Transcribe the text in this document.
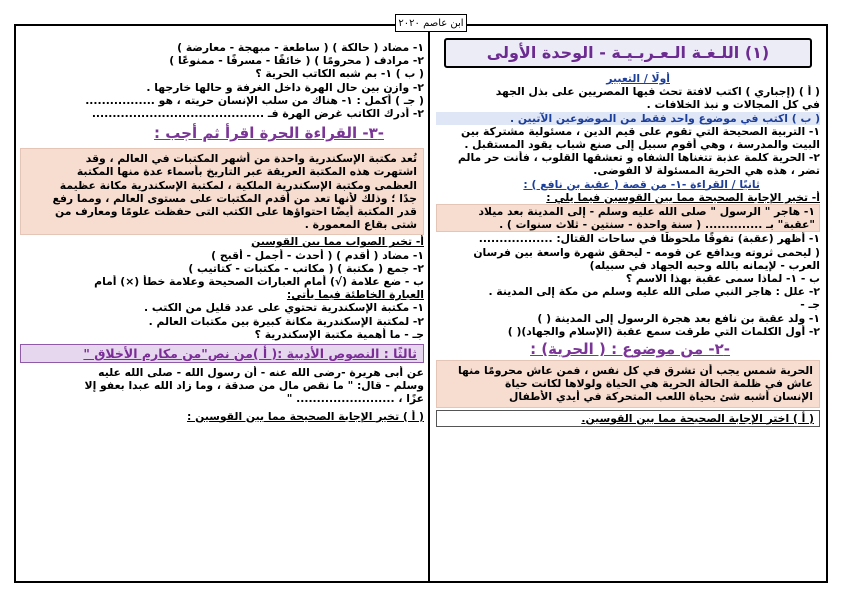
ابن عاصم ٢٠٢٠
(١) اللـغـة الـعـربـيـة - الوحدة الأولى
أولًا / التعبير
( أ ) (إجباري ) اكتب لافتة تحث فيها المصريين على بذل الجهد
في كل المجالات و نبذ الخلافات .
( ب ) اكتب في موضوع واحد فقط من الموضوعين الآتيين .
١- التربية الصحيحة التي تقوم على قيم الدين ، مسئولية مشتركة بين
البيت والمدرسة ، وهي أقوم سبيل إلى صنع شباب يقود المستقبل .
٢- الحرية كلمة عذبة تتغناها الشفاه و تعشقها القلوب ، فأنت حر مالم
تضر ، هذه هي الحرية المسئولة لا الفوضى.
ثانيًا / القراءة -١- من قصة ( عقبة بن نافع ) :
أ- تخير الإجابة الصحيحة مما بين القوسين فيما يلي :
١- هاجر " الرسول " صلى الله عليه وسلم - إلى المدينة بعد ميلاد
"عقبة" بـ .............. ( سنة واحدة - سنتين - ثلاث سنوات ) .
١- أظهر (عقبة) تفوقًا ملحوظًا في ساحات القتال: ..................
( ليحمى ثروته ويدافع عن قومه - ليحقق شهرة واسعة بين فرسان
العرب - لإيمانه بالله وحبه الجهاد في سبيله)
ب - ١- لماذا سمى عقبة بهذا الاسم ؟
٢- علل : هاجر النبي صلى الله عليه وسلم من مكة إلى المدينة .
جـ -
١- ولد عقبة بن نافع بعد هجرة الرسول إلى المدينة ( )
٢- أول الكلمات التي طرقت سمع عقبة (الإسلام والجهاد)( )
-٢- من موضوع : ( الحرية) :
الحرية شمس يجب أن تشرق في كل نفس ، فمن عاش محرومًا منها
عاش في ظلمة الحالة الحرية هي الحياة ولولاها لكانت حياة
الإنسان أشبه شئ بحياة اللعب المتحركة في أيدي الأطفال
( أ ) اختر الإجابة الصحيحة مما بين القوسين.
١- مضاد ( حالكة ) ( ساطعة - مبهجة - معارضة )
٢- مرادف ( محرومًا ) ( خائفًا - مسرفًا - ممنوعًا )
( ب ) ١- بم شبه الكاتب الحرية ؟
٢- وازن بين حال الهرة داخل الغرفة و حالها خارجها .
( جـ ) أكمل : ١- هناك من سلب الإنسان حريته ، هو .................
٢- أدرك الكاتب غرض الهرة فـ ..........................................
-٣- القراءة الحرة اقرأ ثم أجب :
تُعد مكتبة الإسكندرية واحدة من أشهر المكتبات في العالم ، وقد
اشتهرت هذه المكتبة العريقة عبر التاريخ بأسماء عدة منها المكتبة
العظمى ومكتبة الإسكندرية الملكية ، لمكتبة الإسكندرية مكانة عظيمة
جدًا ؛ وذلك لأنها تعد من أقدم المكتبات على مستوى العالم ، ومما رفع
قدر المكتبة أيضًا احتواؤها على الكتب التى حفظت علومًا ومعارف من
شتى بقاع المعمورة .
أ- تخير الصواب مما بين القوسين
١- مضاد ( أقدم ) ( أحدث - أجمل - أقبح )
٢- جمع ( مكتبة ) ( مكاتب - مكتبات - كتاتيب )
ب - ضع علامة (√) أمام العبارات الصحيحة وعلامة خطأ (×) أمام
العبارة الخاطئة فيما يأتي:
١- مكتبة الإسكندرية تحتوي على عدد قليل من الكتب .
٢- لمكتبة الإسكندرية مكانة كبيرة بين مكتبات العالم .
جـ - ما أهمية مكتبة الإسكندرية ؟
ثالثًا : النصوص الأدبية :( أ )من نص"من مكارم الأخلاق "
عن أبى هريرة -رضى الله عنه - أن رسول الله - صلى الله عليه
وسلم - قال: " ما نقص مال من صدقة ، وما زاد الله عبدا بعفو إلا
عزًا ، ........................ "
( أ ) تخير الإجابة الصحيحة مما بين القوسين :
